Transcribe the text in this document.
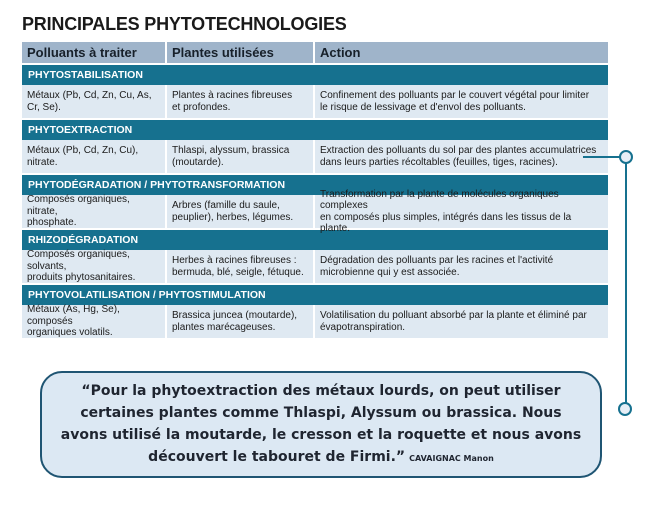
PRINCIPALES PHYTOTECHNOLOGIES
Polluants à traiter	Plantes utilisées	Action
PHYTOSTABILISATION
Métaux (Pb, Cd, Zn, Cu, As,
Cr, Se).
Plantes à racines fibreuses
et profondes.
Confinement des polluants par le couvert végétal pour limiter
le risque de lessivage et d'envol des polluants.
PHYTOEXTRACTION
Métaux (Pb, Cd, Zn, Cu),
nitrate.
Thlaspi, alyssum, brassica
(moutarde).
Extraction des polluants du sol par des plantes accumulatrices
dans leurs parties récoltables (feuilles, tiges, racines).
PHYTODÉGRADATION / PHYTOTRANSFORMATION
Composés organiques, nitrate,
phosphate.
Arbres (famille du saule,
peuplier), herbes, légumes.
Transformation par la plante de molécules organiques complexes
en composés plus simples, intégrés dans les tissus de la plante.
RHIZODÉGRADATION
Composés organiques, solvants,
produits phytosanitaires.
Herbes à racines fibreuses :
bermuda, blé, seigle, fétuque.
Dégradation des polluants par les racines et l'activité
microbienne qui y est associée.
PHYTOVOLATILISATION / PHYTOSTIMULATION
Métaux (As, Hg, Se), composés
organiques volatils.
Brassica juncea (moutarde),
plantes marécageuses.
Volatilisation du polluant absorbé par la plante et éliminé par
évapotranspiration.
“Pour la phytoextraction des métaux lourds, on peut utiliser certaines plantes comme Thlaspi, Alyssum ou brassica. Nous avons utilisé la moutarde, le cresson et la roquette et nous avons découvert le tabouret de Firmi.” CAVAIGNAC Manon
